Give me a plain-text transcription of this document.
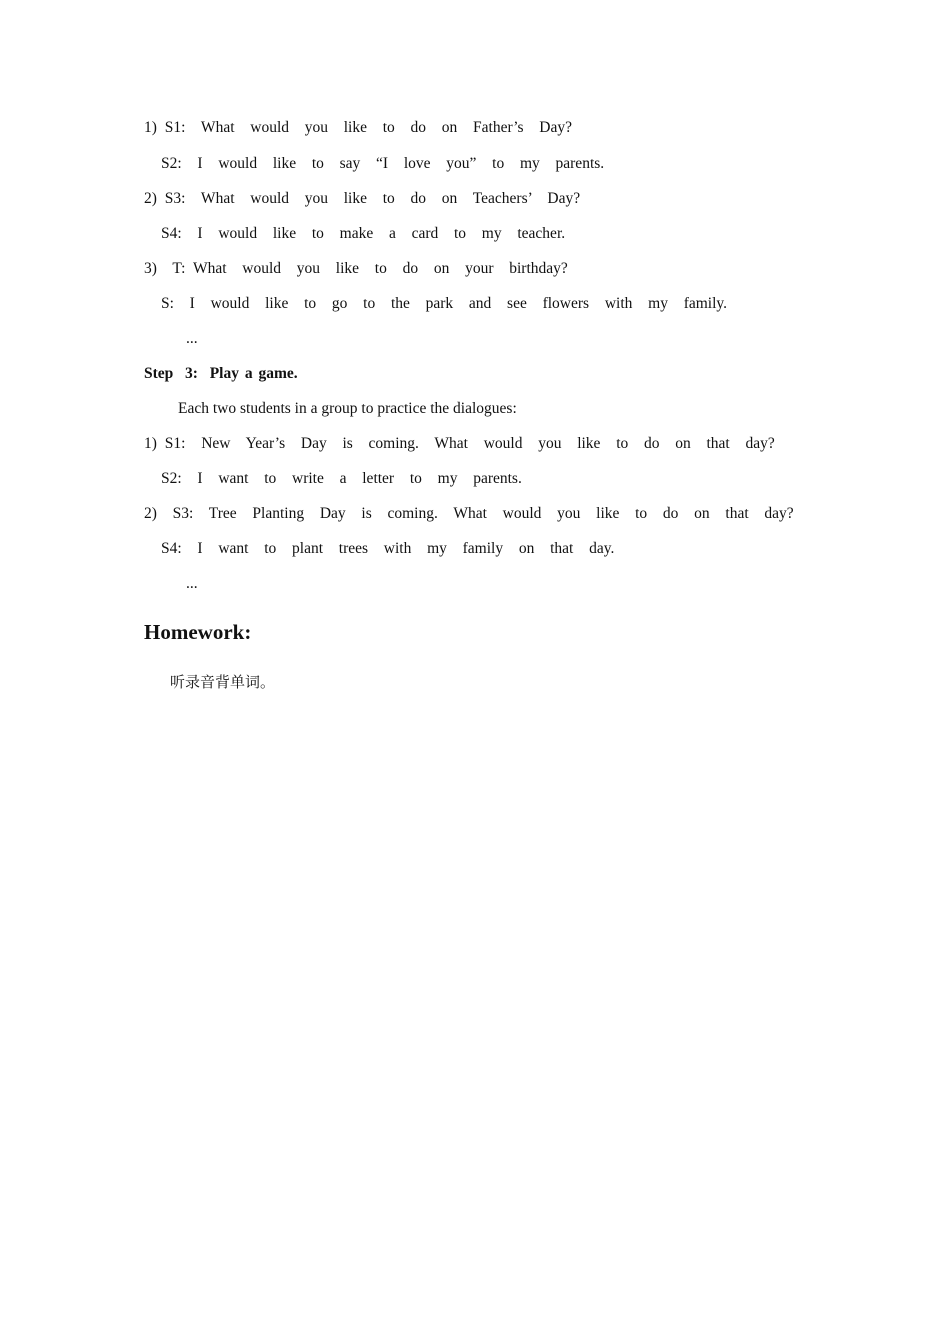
1) S1:  What  would  you  like  to  do  on  Father’s  Day?
S2:  I  would  like  to  say  “I  love  you”  to  my  parents.
2) S3:  What  would  you  like  to  do  on  Teachers’  Day?
S4:  I  would  like  to  make  a  card  to  my  teacher.
3)  T: What  would  you  like  to  do  on  your  birthday?
S:  I  would  like  to  go  to  the  park  and  see  flowers  with  my  family.
...
Step  3:  Play a game.
Each two students in a group to practice the dialogues:
1) S1:  New  Year’s  Day  is  coming.  What  would  you  like  to  do  on  that  day?
S2:  I  want  to  write  a  letter  to  my  parents.
2)  S3:  Tree  Planting  Day  is  coming.  What  would  you  like  to  do  on  that  day?
S4:  I  want  to  plant  trees  with  my  family  on  that  day.
...
Homework:
听录音背单词。
